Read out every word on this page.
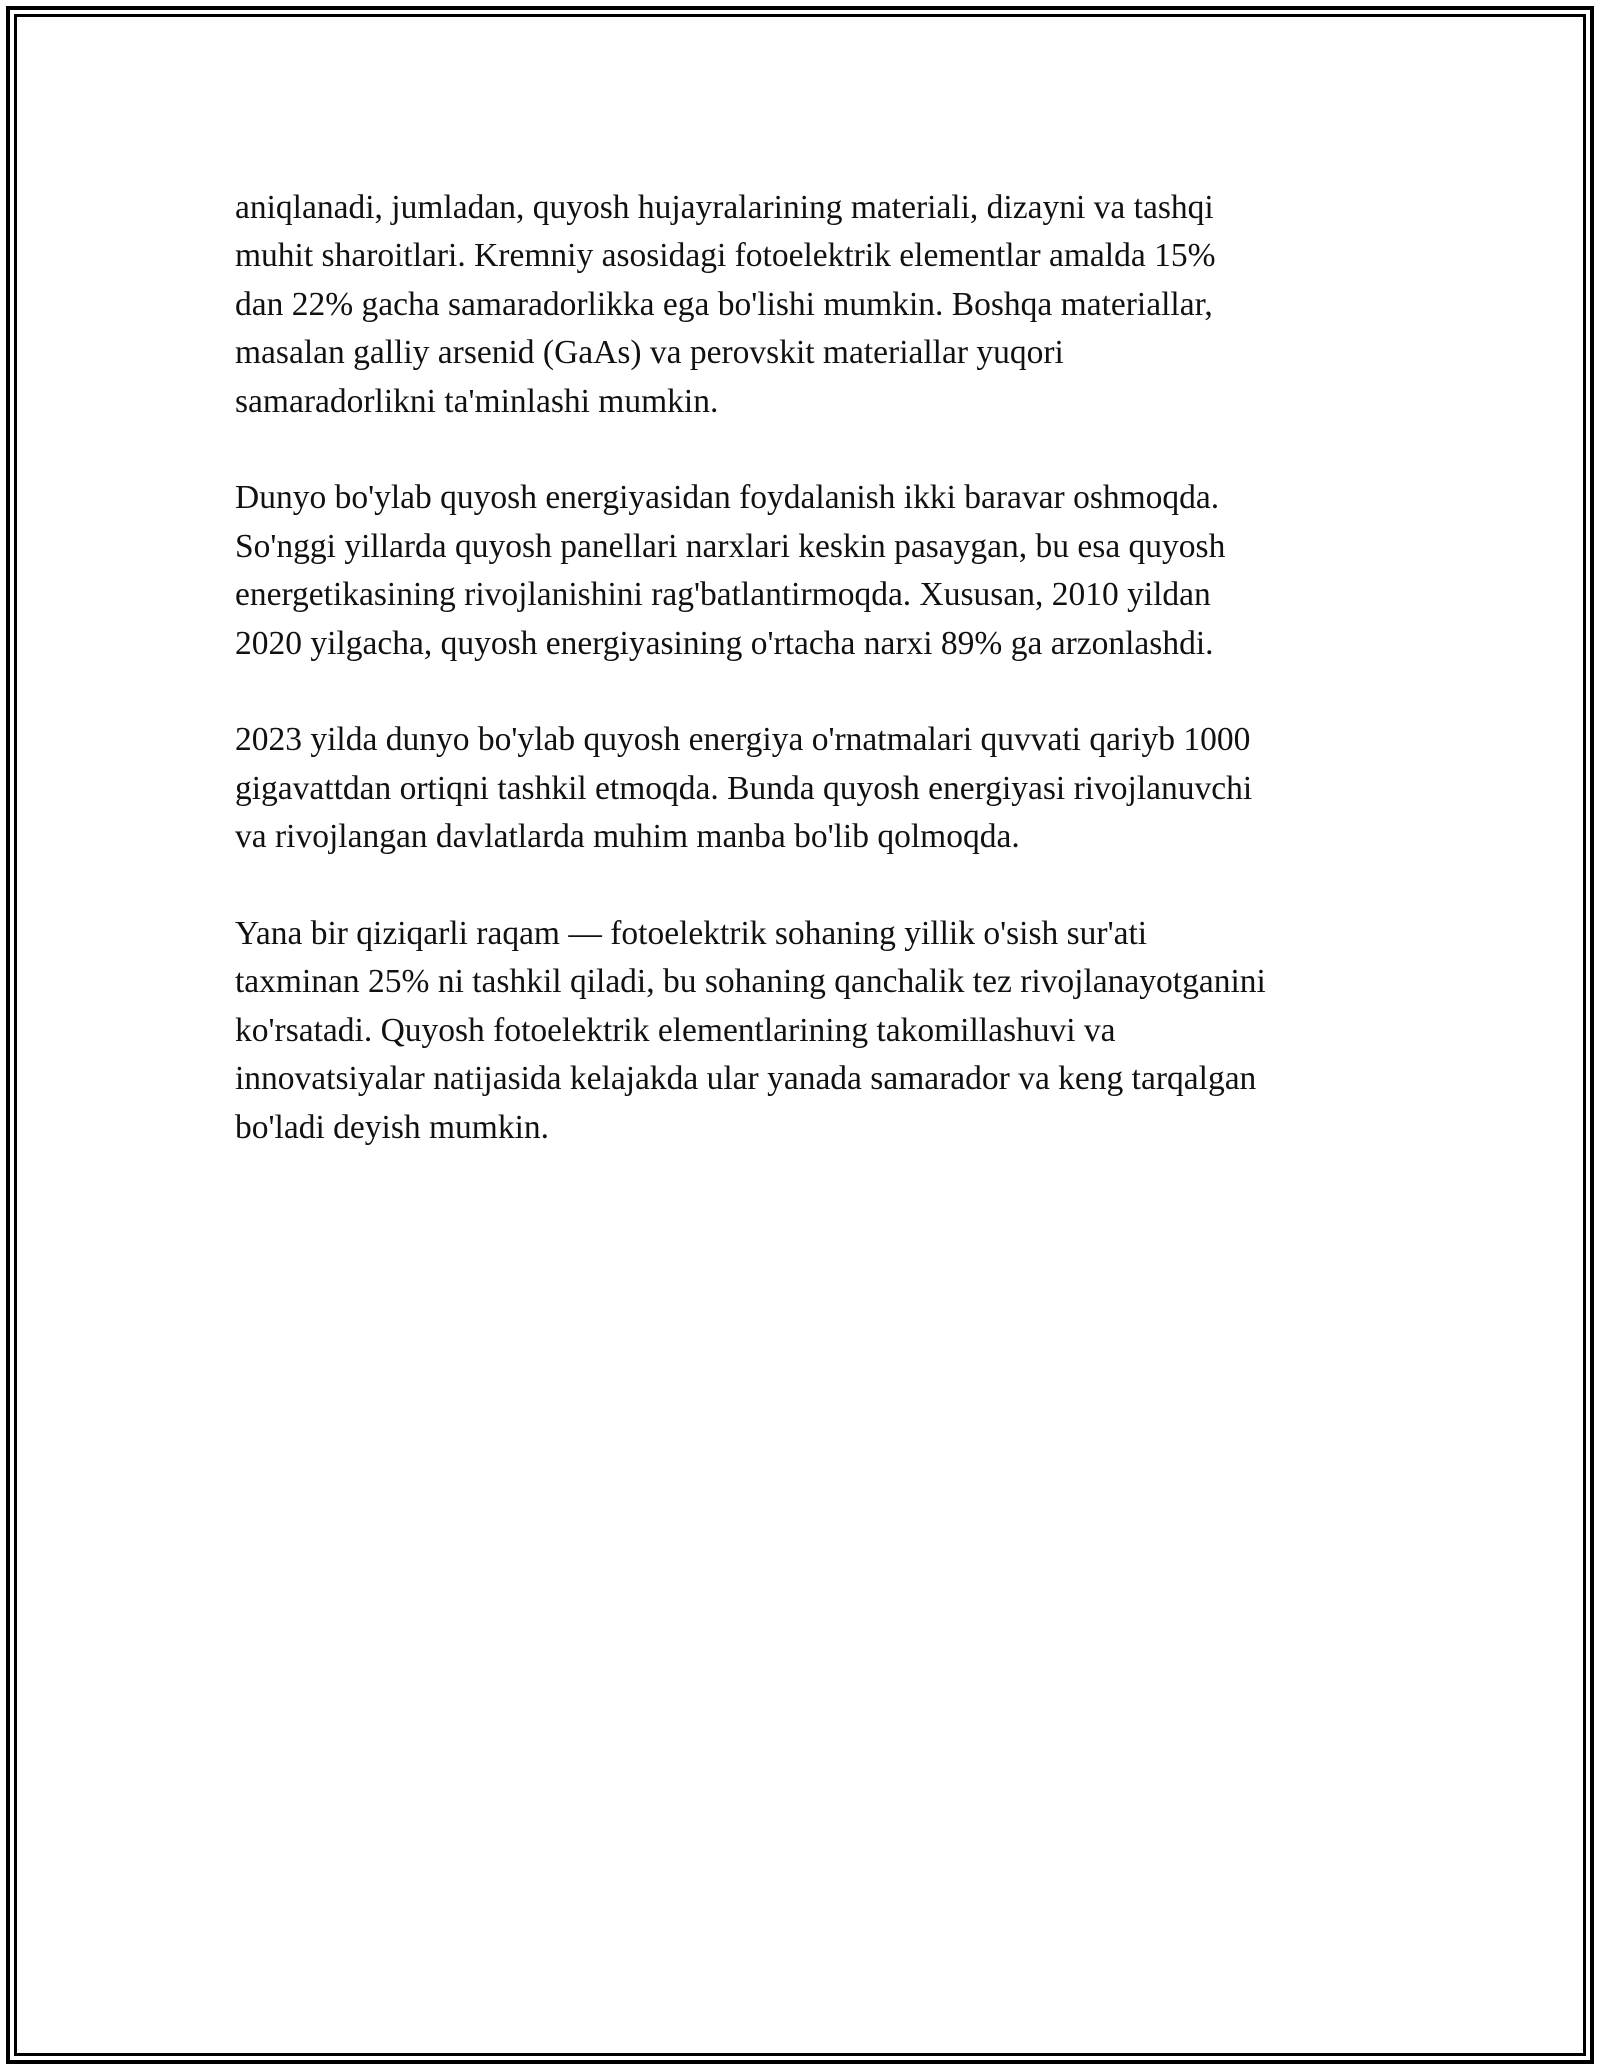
aniqlanadi, jumladan, quyosh hujayralarining materiali, dizayni va tashqi
muhit sharoitlari. Kremniy asosidagi fotoelektrik elementlar amalda 15%
dan 22% gacha samaradorlikka ega bo'lishi mumkin. Boshqa materiallar,
masalan galliy arsenid (GaAs) va perovskit materiallar yuqori
samaradorlikni ta'minlashi mumkin.

Dunyo bo'ylab quyosh energiyasidan foydalanish ikki baravar oshmoqda.
So'nggi yillarda quyosh panellari narxlari keskin pasaygan, bu esa quyosh
energetikasining rivojlanishini rag'batlantirmoqda. Xususan, 2010 yildan
2020 yilgacha, quyosh energiyasining o'rtacha narxi 89% ga arzonlashdi.

2023 yilda dunyo bo'ylab quyosh energiya o'rnatmalari quvvati qariyb 1000
gigavattdan ortiqni tashkil etmoqda. Bunda quyosh energiyasi rivojlanuvchi
va rivojlangan davlatlarda muhim manba bo'lib qolmoqda.

Yana bir qiziqarli raqam — fotoelektrik sohaning yillik o'sish sur'ati
taxminan 25% ni tashkil qiladi, bu sohaning qanchalik tez rivojlanayotganini
ko'rsatadi. Quyosh fotoelektrik elementlarining takomillashuvi va
innovatsiyalar natijasida kelajakda ular yanada samarador va keng tarqalgan
bo'ladi deyish mumkin.
